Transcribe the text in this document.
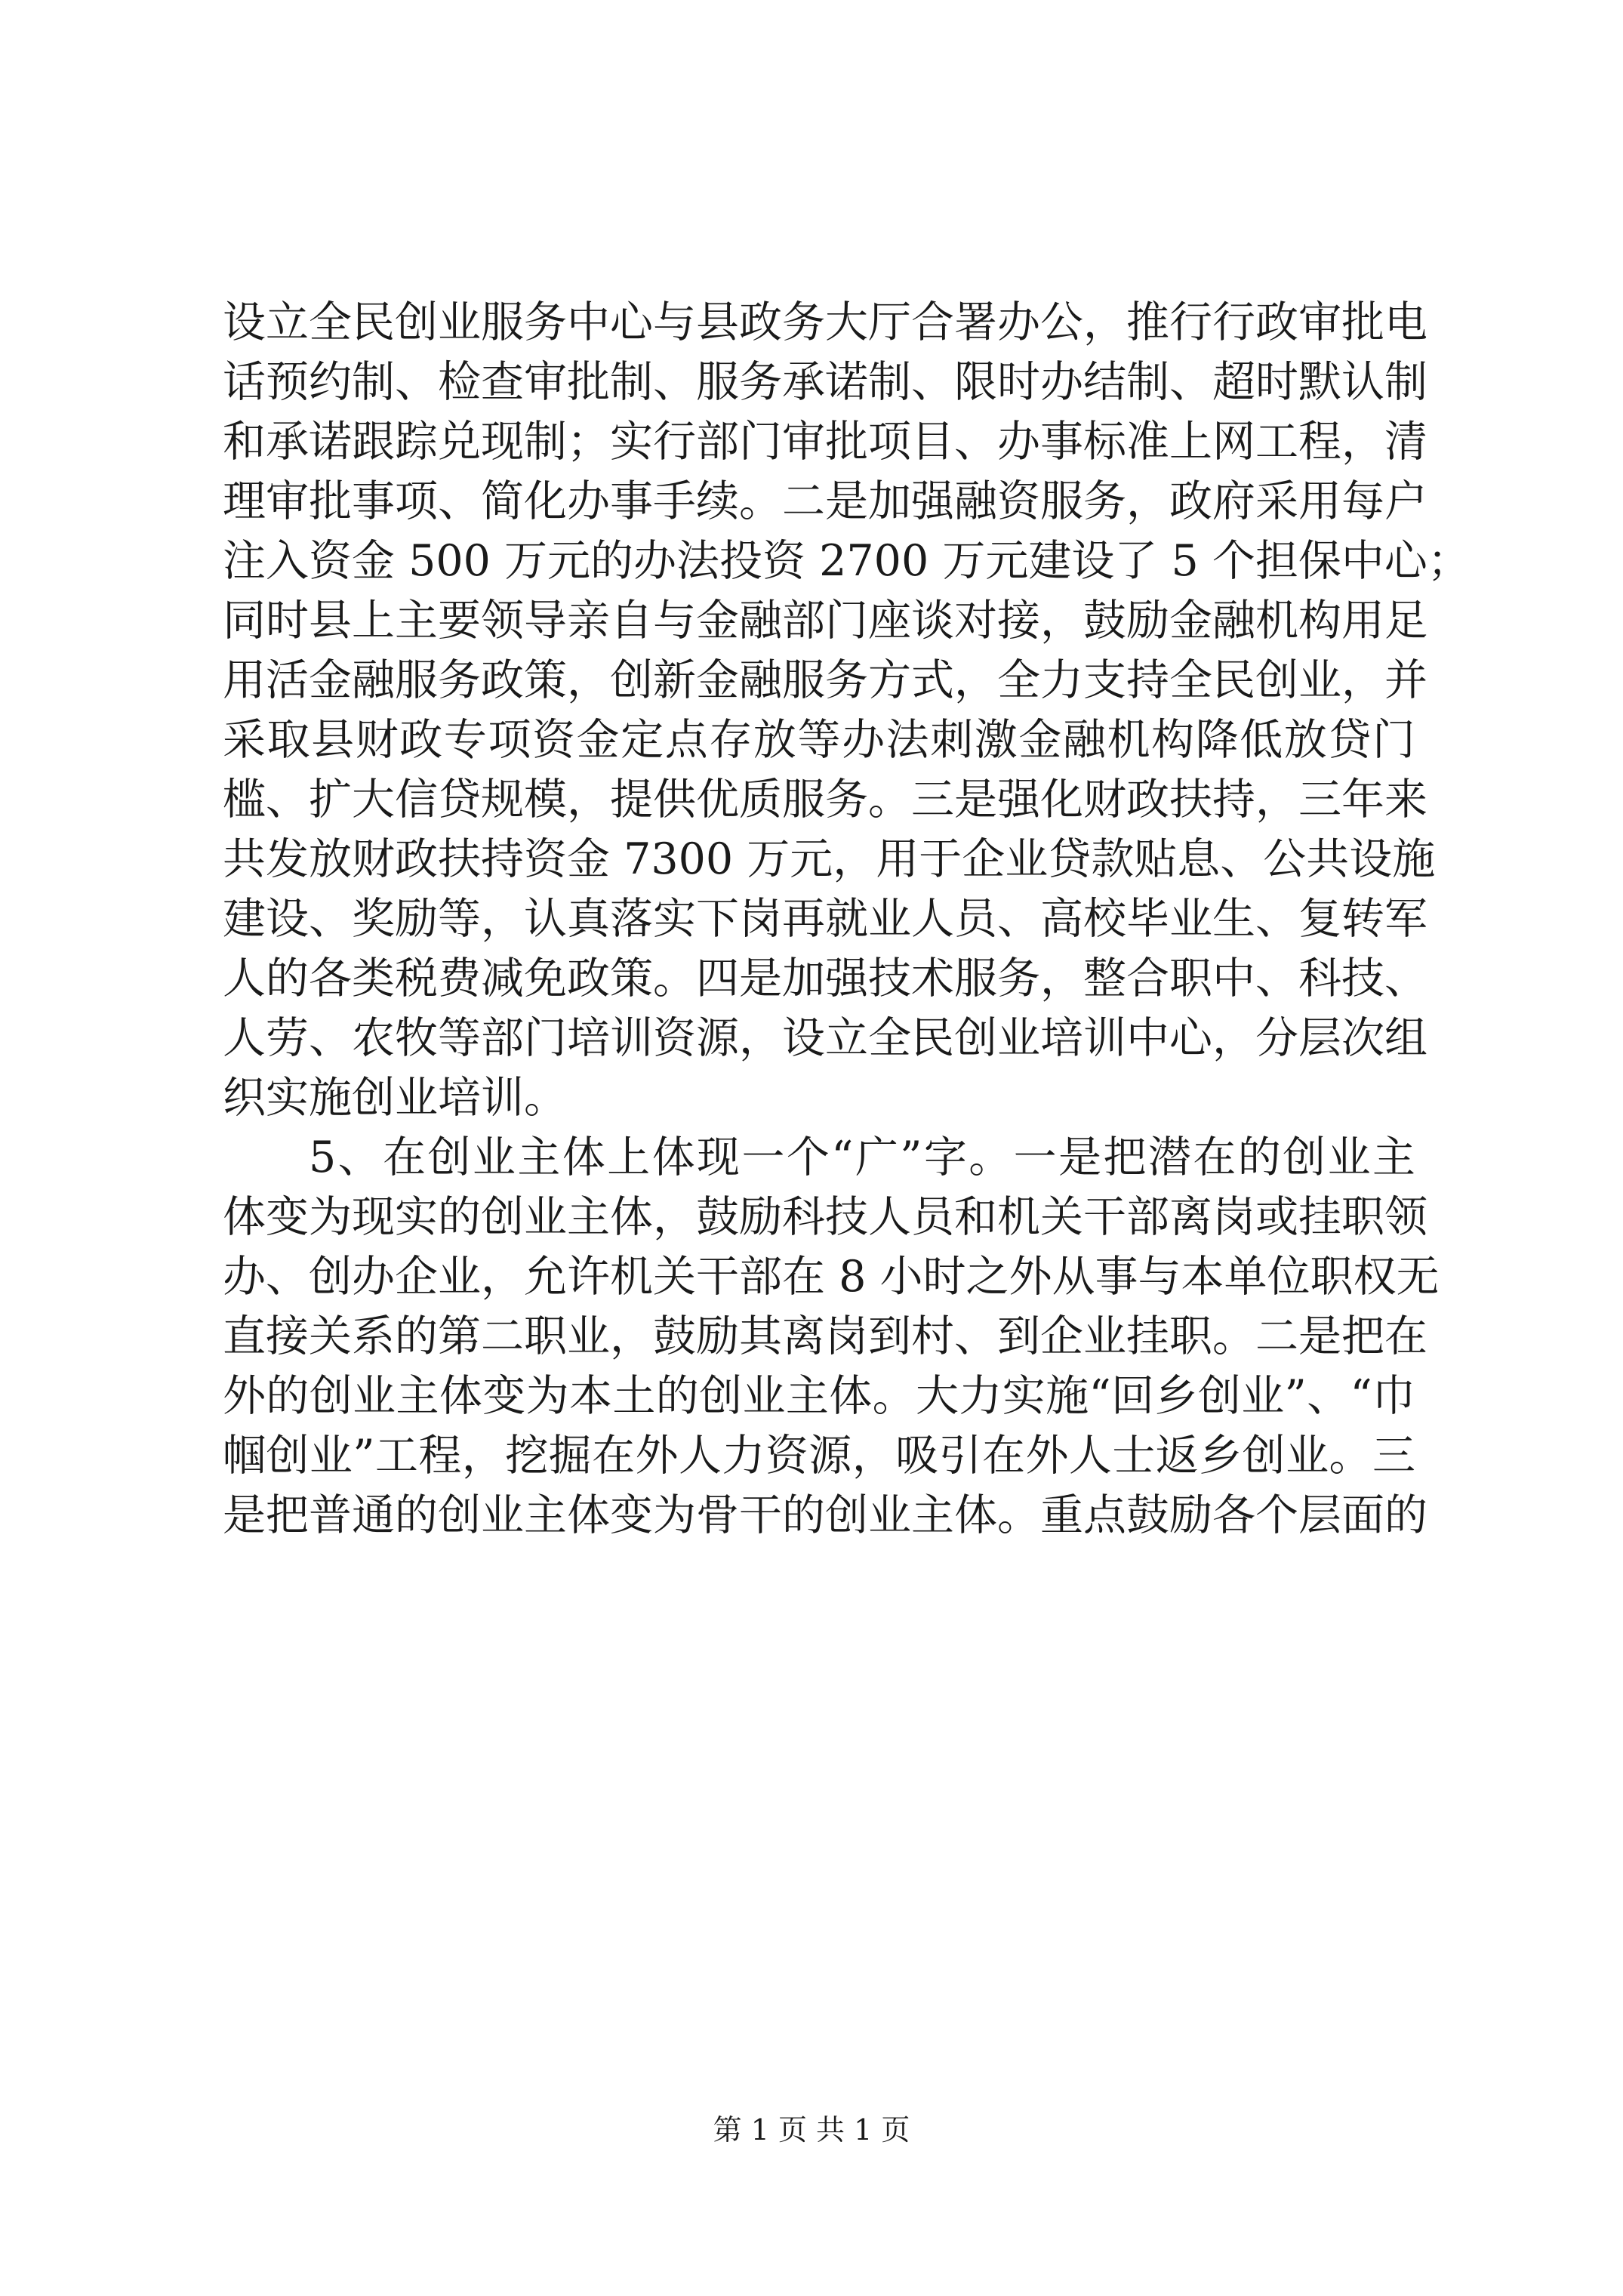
设立全民创业服务中心与县政务大厅合署办公，推行行政审批电
话预约制、检查审批制、服务承诺制、限时办结制、超时默认制
和承诺跟踪兑现制；实行部门审批项目、办事标准上网工程，清
理审批事项、简化办事手续。二是加强融资服务，政府采用每户
注入资金 500 万元的办法投资 2700 万元建设了 5 个担保中心；
同时县上主要领导亲自与金融部门座谈对接，鼓励金融机构用足
用活金融服务政策，创新金融服务方式，全力支持全民创业，并
采取县财政专项资金定点存放等办法刺激金融机构降低放贷门
槛、扩大信贷规模，提供优质服务。三是强化财政扶持，三年来
共发放财政扶持资金 7300 万元，用于企业贷款贴息、公共设施
建设、奖励等，认真落实下岗再就业人员、高校毕业生、复转军
人的各类税费减免政策。四是加强技术服务，整合职中、科技、
人劳、农牧等部门培训资源，设立全民创业培训中心，分层次组
织实施创业培训。
5、在创业主体上体现一个“广”字。一是把潜在的创业主
体变为现实的创业主体，鼓励科技人员和机关干部离岗或挂职领
办、创办企业，允许机关干部在 8 小时之外从事与本单位职权无
直接关系的第二职业，鼓励其离岗到村、到企业挂职。二是把在
外的创业主体变为本土的创业主体。大力实施“回乡创业”、“巾
帼创业”工程，挖掘在外人力资源，吸引在外人士返乡创业。三
是把普通的创业主体变为骨干的创业主体。重点鼓励各个层面的
第 1 页 共 1 页
